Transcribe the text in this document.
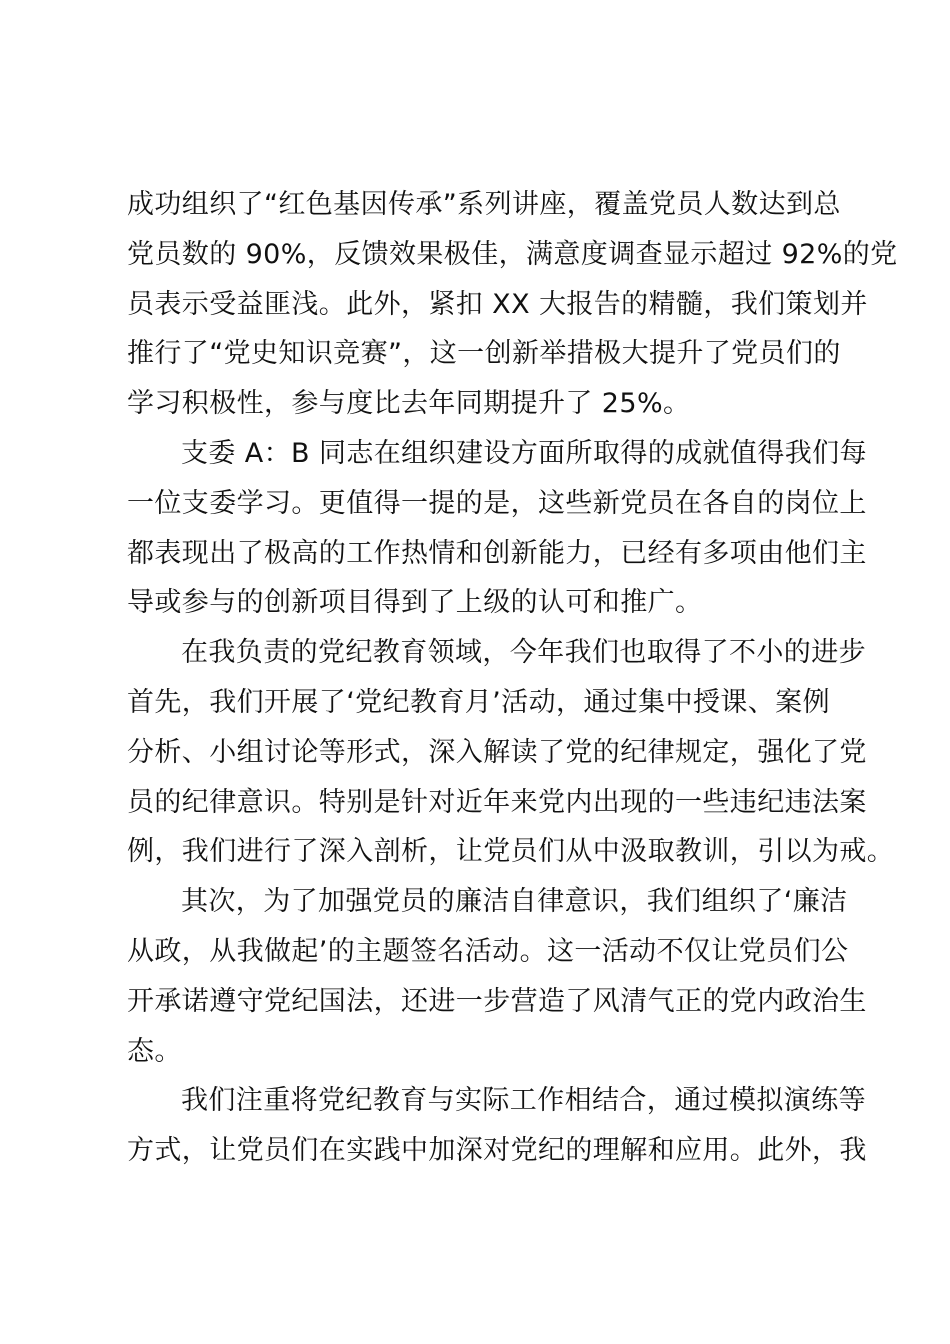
成功组织了“红色基因传承”系列讲座，覆盖党员人数达到总
党员数的 90%，反馈效果极佳，满意度调查显示超过 92%的党
员表示受益匪浅。此外，紧扣 XX 大报告的精髓，我们策划并
推行了“党史知识竞赛”，这一创新举措极大提升了党员们的
学习积极性，参与度比去年同期提升了 25%。
支委 A：B 同志在组织建设方面所取得的成就值得我们每
一位支委学习。更值得一提的是，这些新党员在各自的岗位上
都表现出了极高的工作热情和创新能力，已经有多项由他们主
导或参与的创新项目得到了上级的认可和推广。
在我负责的党纪教育领域，今年我们也取得了不小的进步
首先，我们开展了‘党纪教育月’活动，通过集中授课、案例
分析、小组讨论等形式，深入解读了党的纪律规定，强化了党
员的纪律意识。特别是针对近年来党内出现的一些违纪违法案
例，我们进行了深入剖析，让党员们从中汲取教训，引以为戒。
其次，为了加强党员的廉洁自律意识，我们组织了‘廉洁
从政，从我做起’的主题签名活动。这一活动不仅让党员们公
开承诺遵守党纪国法，还进一步营造了风清气正的党内政治生
态。
我们注重将党纪教育与实际工作相结合，通过模拟演练等
方式，让党员们在实践中加深对党纪的理解和应用。此外，我
